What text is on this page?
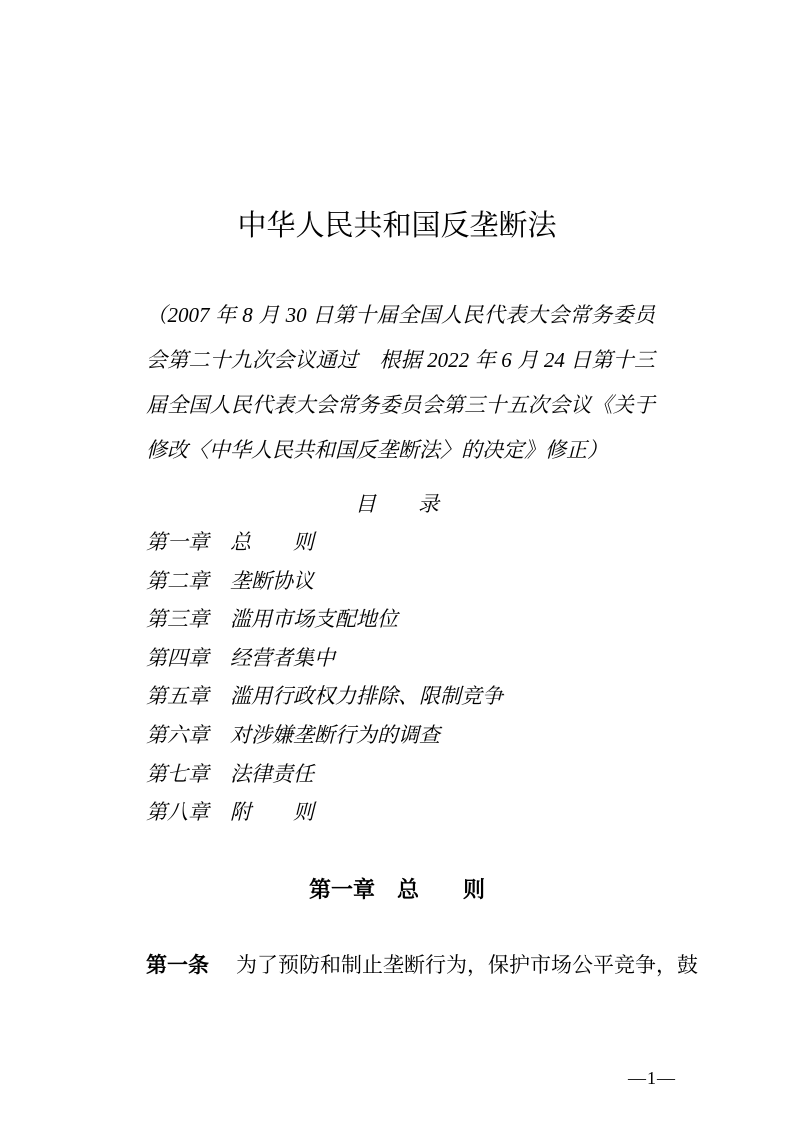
中华人民共和国反垄断法
（2007 年 8 月 30 日第十届全国人民代表大会常务委员
会第二十九次会议通过　根据 2022 年 6 月 24 日第十三
届全国人民代表大会常务委员会第三十五次会议《关于
修改〈中华人民共和国反垄断法〉的决定》修正）
目　　录
第一章　总　　则
第二章　垄断协议
第三章　滥用市场支配地位
第四章　经营者集中
第五章　滥用行政权力排除、限制竞争
第六章　对涉嫌垄断行为的调查
第七章　法律责任
第八章　附　　则
第一章　总　　则
第一条 为了预防和制止垄断行为，保护市场公平竞争，鼓
—1—
